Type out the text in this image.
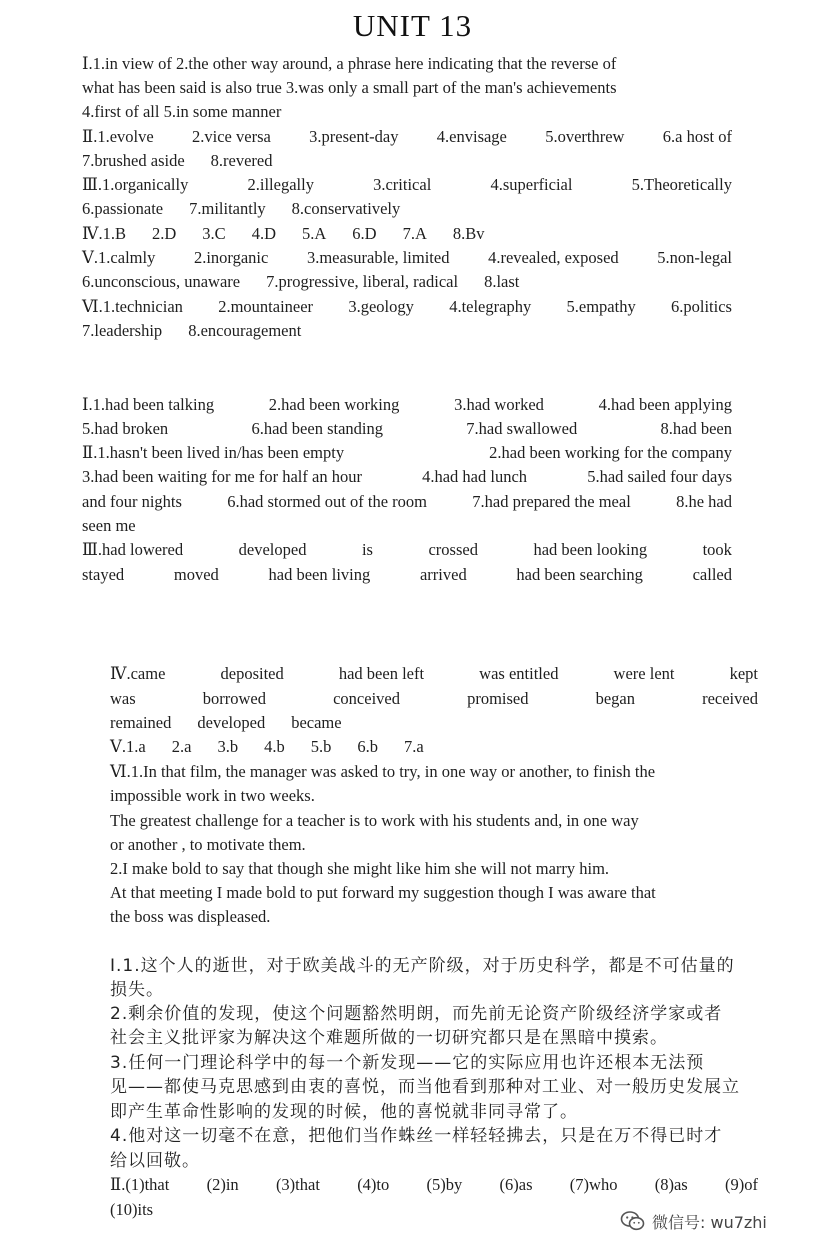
UNIT 13
Ⅰ.1.in view of 2.the other way around, a phrase here indicating that the reverse of
what has been said is also true 3.was only a small part of the man's achievements
4.first of all 5.in some manner
Ⅱ.1.evolve 2.vice versa 3.present-day 4.envisage 5.overthrew 6.a host of
7.brushed aside 8.revered
Ⅲ.1.organically	2.illegally	3.critical	4.superficial	5.Theoretically
6.passionate 7.militantly 8.conservatively
Ⅳ.1.B 2.D 3.C 4.D 5.A 6.D 7.A 8.Bv
Ⅴ.1.calmly 2.inorganic 3.measurable, limited 4.revealed, exposed 5.non-legal
6.unconscious, unaware 7.progressive, liberal, radical 8.last
Ⅵ.1.technician 2.mountaineer 3.geology 4.telegraphy 5.empathy 6.politics
7.leadership 8.encouragement
Ⅰ.1.had been talking	2.had been working	3.had worked	4.had been applying
5.had broken	6.had been standing	7.had swallowed	8.had been
Ⅱ.1.hasn't been lived in/has been empty	2.had been working for the company
3.had been waiting for me for half an hour	4.had had lunch	5.had sailed four days
and four nights	6.had stormed out of the room	7.had prepared the meal	8.he had
seen me
Ⅲ.had lowered	developed	is	crossed	had been looking	took
stayed	moved	had been living	arrived	had been searching	called
Ⅳ.came	deposited	had been left	was entitled	were lent	kept
was	borrowed	conceived	promised	began	received
remained developed became
Ⅴ.1.a 2.a 3.b 4.b 5.b 6.b 7.a
Ⅵ.1.In that film, the manager was asked to try, in one way or another, to finish the
impossible work in two weeks.
The greatest challenge for a teacher is to work with his students and, in one way
or another , to motivate them.
2.I make bold to say that though she might like him she will not marry him.
At that meeting I made bold to put forward my suggestion though I was aware that
the boss was displeased.
Ⅰ.1.这个人的逝世，对于欧美战斗的无产阶级，对于历史科学，都是不可估量的
损失。
2.剩余价值的发现，使这个问题豁然明朗，而先前无论资产阶级经济学家或者
社会主义批评家为解决这个难题所做的一切研究都只是在黑暗中摸索。
3.任何一门理论科学中的每一个新发现——它的实际应用也许还根本无法预
见——都使马克思感到由衷的喜悦，而当他看到那种对工业、对一般历史发展立
即产生革命性影响的发现的时候，他的喜悦就非同寻常了。
4.他对这一切毫不在意，把他们当作蛛丝一样轻轻拂去，只是在万不得已时才
给以回敬。
Ⅱ.(1)that (2)in (3)that (4)to (5)by (6)as (7)who (8)as (9)of
(10)its
微信号: wu7zhi
